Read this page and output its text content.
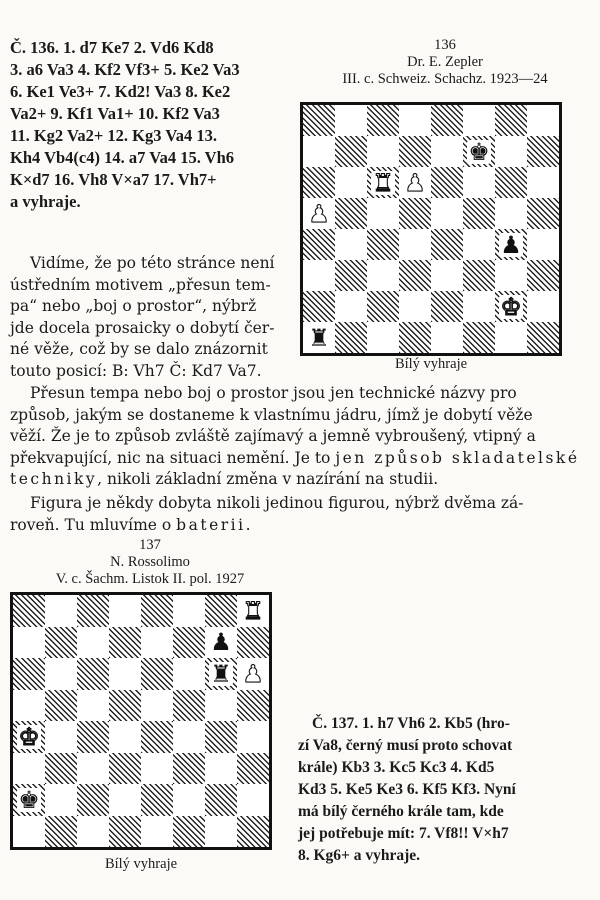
Č. 136. 1. d7 Ke7 2. Vd6 Kd8
3. a6 Va3 4. Kf2 Vf3+ 5. Ke2 Va3
6. Ke1 Ve3+ 7. Kd2! Va3 8. Ke2
Va2+ 9. Kf1 Va1+ 10. Kf2 Va3
11. Kg2 Va2+ 12. Kg3 Va4 13.
Kh4 Vb4(c4) 14. a7 Va4 15. Vh6
K×d7 16. Vh8 V×a7 17. Vh7+
a vyhraje.
136
Dr. E. Zepler
III. c. Schweiz. Schachz. 1923—24
♚
♜ ♟
♟
♟
♚
♜
Bílý vyhraje
Vidíme, že po této stránce není
ústředním motivem „přesun tem-
pa“ nebo „boj o prostor“, nýbrž
jde docela prosaicky o dobytí čer-
né věže, což by se dalo znázornit
touto posicí: B: Vh7 Č: Kd7 Va7.
Přesun tempa nebo boj o prostor jsou jen technické názvy pro
způsob, jakým se dostaneme k vlastnímu jádru, jímž je dobytí věže
věží. Že je to způsob zvláště zajímavý a jemně vybroušený, vtipný a
překvapující, nic na situaci nemění. Je to jen způsob skladatelské
techniky, nikoli základní změna v nazírání na studii.
Figura je někdy dobyta nikoli jedinou figurou, nýbrž dvěma zá-
roveň. Tu mluvíme o baterii.
137
N. Rossolimo
V. c. Šachm. Listok II. pol. 1927
♜
♟
♜ ♟
♚
♚
Bílý vyhraje
Č. 137. 1. h7 Vh6 2. Kb5 (hro-
zí Va8, černý musí proto schovat
krále) Kb3 3. Kc5 Kc3 4. Kd5
Kd3 5. Ke5 Ke3 6. Kf5 Kf3. Nyní
má bílý černého krále tam, kde
jej potřebuje mít: 7. Vf8!! V×h7
8. Kg6+ a vyhraje.
